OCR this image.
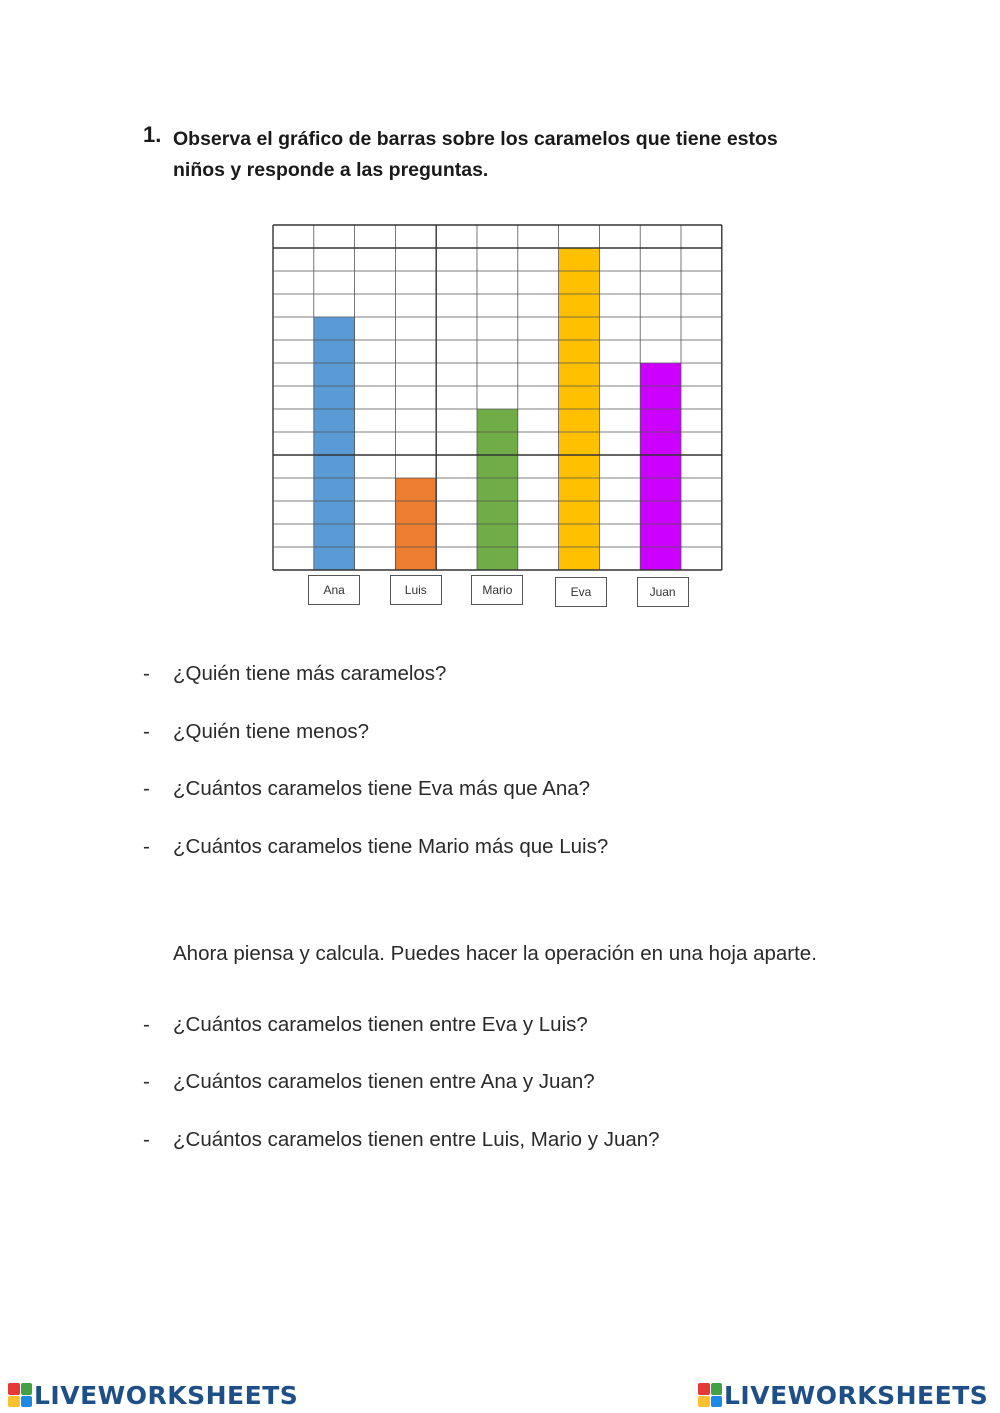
1. Observa el gráfico de barras sobre los caramelos que tiene estos niños y responde a las preguntas.
Ana	Luis	Mario	Eva	Juan
- ¿Quién tiene más caramelos?
- ¿Quién tiene menos?
- ¿Cuántos caramelos tiene Eva más que Ana?
- ¿Cuántos caramelos tiene Mario más que Luis?
Ahora piensa y calcula. Puedes hacer la operación en una hoja aparte.
- ¿Cuántos caramelos tienen entre Eva y Luis?
- ¿Cuántos caramelos tienen entre Ana y Juan?
- ¿Cuántos caramelos tienen entre Luis, Mario y Juan?
LIVEWORKSHEETS	LIVEWORKSHEETS
